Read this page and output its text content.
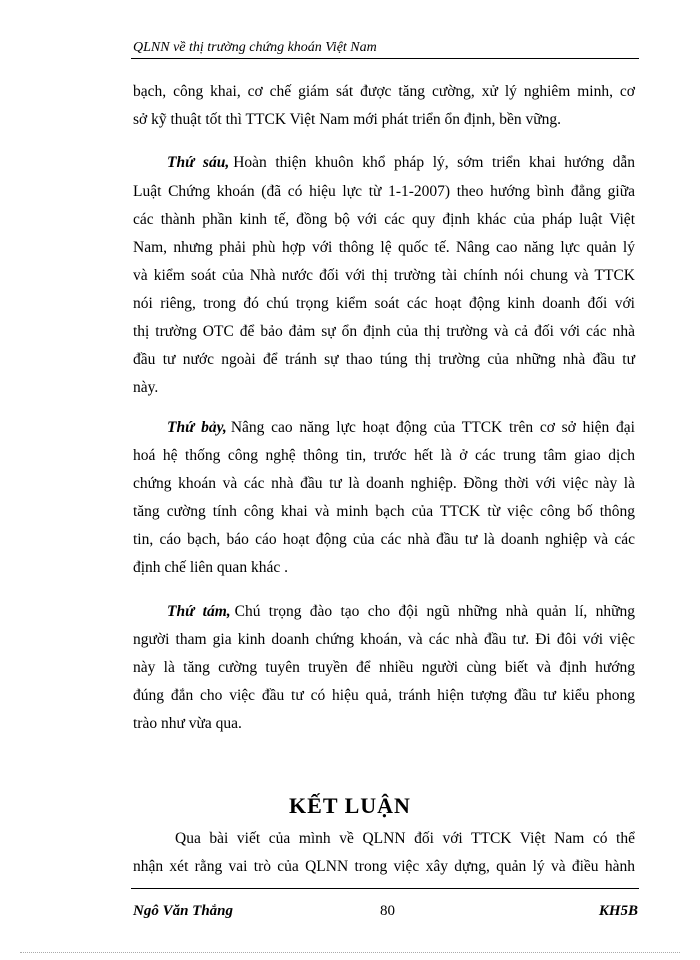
QLNN về thị trường chứng khoán Việt Nam
bạch, công khai, cơ chế giám sát được tăng cường, xử lý nghiêm minh, cơ
sở kỹ thuật tốt thì TTCK Việt Nam mới phát triển ổn định, bền vững.
Thứ sáu, Hoàn thiện khuôn khổ pháp lý, sớm triển khai hướng dẫn
Luật Chứng khoán (đã có hiệu lực từ 1-1-2007) theo hướng bình đẳng giữa
các thành phần kinh tế, đồng bộ với các quy định khác của pháp luật Việt
Nam, nhưng phải phù hợp với thông lệ quốc tế. Nâng cao năng lực quản lý
và kiểm soát của Nhà nước đối với thị trường tài chính nói chung và TTCK
nói riêng, trong đó chú trọng kiểm soát các hoạt động kinh doanh đối với
thị trường OTC để bảo đảm sự ổn định của thị trường và cả đối với các nhà
đầu tư nước ngoài để tránh sự thao túng thị trường của những nhà đầu tư
này.
Thứ bảy, Nâng cao năng lực hoạt động của TTCK trên cơ sở hiện đại
hoá hệ thống công nghệ thông tin, trước hết là ở các trung tâm giao dịch
chứng khoán và các nhà đầu tư là doanh nghiệp. Đồng thời với việc này là
tăng cường tính công khai và minh bạch của TTCK từ việc công bố thông
tin, cáo bạch, báo cáo hoạt động của các nhà đầu tư là doanh nghiệp và các
định chế liên quan khác .
Thứ tám, Chú trọng đào tạo cho đội ngũ những nhà quản lí, những
người tham gia kinh doanh chứng khoán, và các nhà đầu tư. Đi đôi với việc
này là tăng cường tuyên truyền để nhiều người cùng biết và định hướng
đúng đắn cho việc đầu tư có hiệu quả, tránh hiện tượng đầu tư kiểu phong
trào như vừa qua.
KẾT LUẬN
Qua bài viết của mình về QLNN đối với TTCK Việt Nam có thể
nhận xét rằng vai trò của QLNN trong việc xây dựng, quản lý và điều hành
Ngô Văn Thắng	80	KH5B
